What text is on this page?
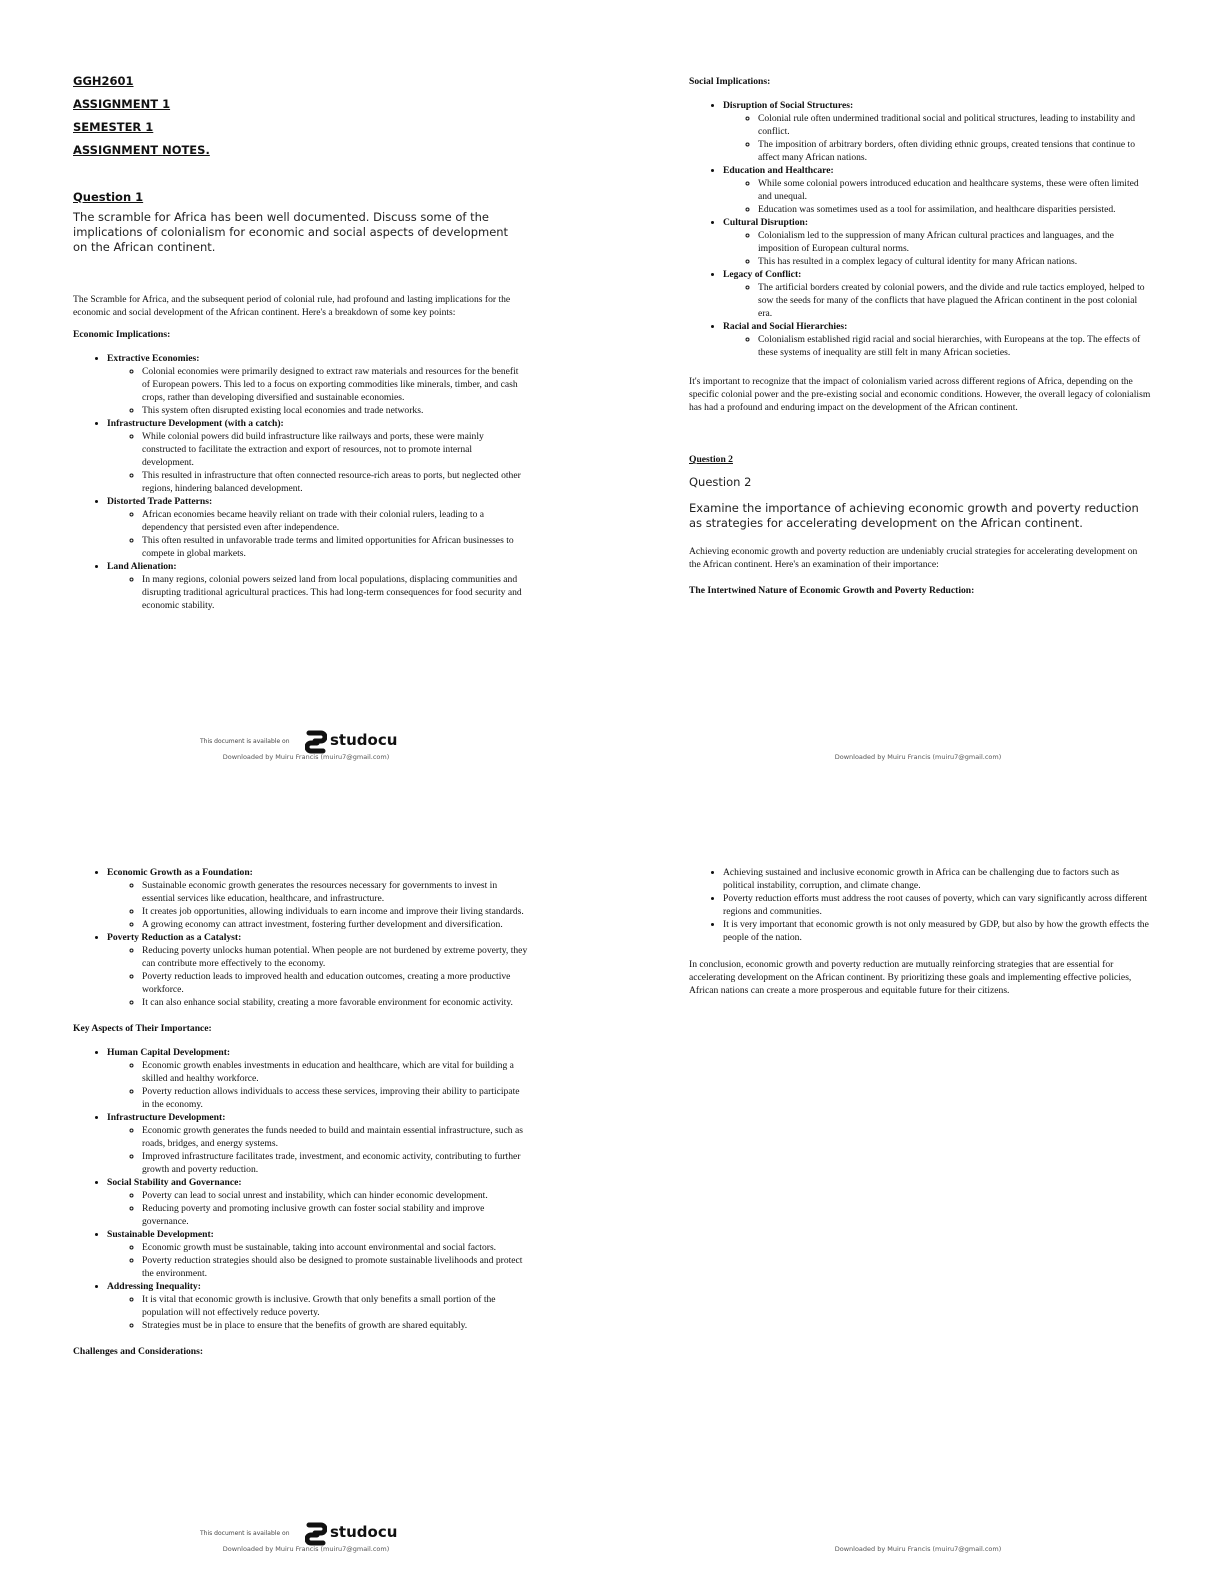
GGH2601
ASSIGNMENT 1
SEMESTER 1
ASSIGNMENT NOTES.
Question 1
The scramble for Africa has been well documented. Discuss some of the implications of colonialism for economic and social aspects of development on the African continent.

The Scramble for Africa, and the subsequent period of colonial rule, had profound and lasting implications for the economic and social development of the African continent. Here's a breakdown of some key points:

Economic Implications:
• Extractive Economies:
◦ Colonial economies were primarily designed to extract raw materials and resources for the benefit of European powers. This led to a focus on exporting commodities like minerals, timber, and cash crops, rather than developing diversified and sustainable economies.
◦ This system often disrupted existing local economies and trade networks.
• Infrastructure Development (with a catch):
◦ While colonial powers did build infrastructure like railways and ports, these were mainly constructed to facilitate the extraction and export of resources, not to promote internal development.
◦ This resulted in infrastructure that often connected resource-rich areas to ports, but neglected other regions, hindering balanced development.
• Distorted Trade Patterns:
◦ African economies became heavily reliant on trade with their colonial rulers, leading to a dependency that persisted even after independence.
◦ This often resulted in unfavorable trade terms and limited opportunities for African businesses to compete in global markets.
• Land Alienation:
◦ In many regions, colonial powers seized land from local populations, displacing communities and disrupting traditional agricultural practices. This had long-term consequences for food security and economic stability.
This document is available on	studocu
Downloaded by Muiru Francis (muiru7@gmail.com)
Social Implications:
• Disruption of Social Structures:
◦ Colonial rule often undermined traditional social and political structures, leading to instability and conflict.
◦ The imposition of arbitrary borders, often dividing ethnic groups, created tensions that continue to affect many African nations.
• Education and Healthcare:
◦ While some colonial powers introduced education and healthcare systems, these were often limited and unequal.
◦ Education was sometimes used as a tool for assimilation, and healthcare disparities persisted.
• Cultural Disruption:
◦ Colonialism led to the suppression of many African cultural practices and languages, and the imposition of European cultural norms.
◦ This has resulted in a complex legacy of cultural identity for many African nations.
• Legacy of Conflict:
◦ The artificial borders created by colonial powers, and the divide and rule tactics employed, helped to sow the seeds for many of the conflicts that have plagued the African continent in the post colonial era.
• Racial and Social Hierarchies:
◦ Colonialism established rigid racial and social hierarchies, with Europeans at the top. The effects of these systems of inequality are still felt in many African societies.

It's important to recognize that the impact of colonialism varied across different regions of Africa, depending on the specific colonial power and the pre-existing social and economic conditions. However, the overall legacy of colonialism has had a profound and enduring impact on the development of the African continent.

Question 2
Question 2
Examine the importance of achieving economic growth and poverty reduction as strategies for accelerating development on the African continent.

Achieving economic growth and poverty reduction are undeniably crucial strategies for accelerating development on the African continent. Here's an examination of their importance:

The Intertwined Nature of Economic Growth and Poverty Reduction:
Downloaded by Muiru Francis (muiru7@gmail.com)
• Economic Growth as a Foundation:
◦ Sustainable economic growth generates the resources necessary for governments to invest in essential services like education, healthcare, and infrastructure.
◦ It creates job opportunities, allowing individuals to earn income and improve their living standards.
◦ A growing economy can attract investment, fostering further development and diversification.
• Poverty Reduction as a Catalyst:
◦ Reducing poverty unlocks human potential. When people are not burdened by extreme poverty, they can contribute more effectively to the economy.
◦ Poverty reduction leads to improved health and education outcomes, creating a more productive workforce.
◦ It can also enhance social stability, creating a more favorable environment for economic activity.
Key Aspects of Their Importance:
• Human Capital Development:
◦ Economic growth enables investments in education and healthcare, which are vital for building a skilled and healthy workforce.
◦ Poverty reduction allows individuals to access these services, improving their ability to participate in the economy.
• Infrastructure Development:
◦ Economic growth generates the funds needed to build and maintain essential infrastructure, such as roads, bridges, and energy systems.
◦ Improved infrastructure facilitates trade, investment, and economic activity, contributing to further growth and poverty reduction.
• Social Stability and Governance:
◦ Poverty can lead to social unrest and instability, which can hinder economic development.
◦ Reducing poverty and promoting inclusive growth can foster social stability and improve governance.
• Sustainable Development:
◦ Economic growth must be sustainable, taking into account environmental and social factors.
◦ Poverty reduction strategies should also be designed to promote sustainable livelihoods and protect the environment.
• Addressing Inequality:
◦ It is vital that economic growth is inclusive. Growth that only benefits a small portion of the population will not effectively reduce poverty.
◦ Strategies must be in place to ensure that the benefits of growth are shared equitably.
Challenges and Considerations:
This document is available on	studocu
Downloaded by Muiru Francis (muiru7@gmail.com)
• Achieving sustained and inclusive economic growth in Africa can be challenging due to factors such as political instability, corruption, and climate change.
• Poverty reduction efforts must address the root causes of poverty, which can vary significantly across different regions and communities.
• It is very important that economic growth is not only measured by GDP, but also by how the growth effects the people of the nation.

In conclusion, economic growth and poverty reduction are mutually reinforcing strategies that are essential for accelerating development on the African continent. By prioritizing these goals and implementing effective policies, African nations can create a more prosperous and equitable future for their citizens.

Downloaded by Muiru Francis (muiru7@gmail.com)
